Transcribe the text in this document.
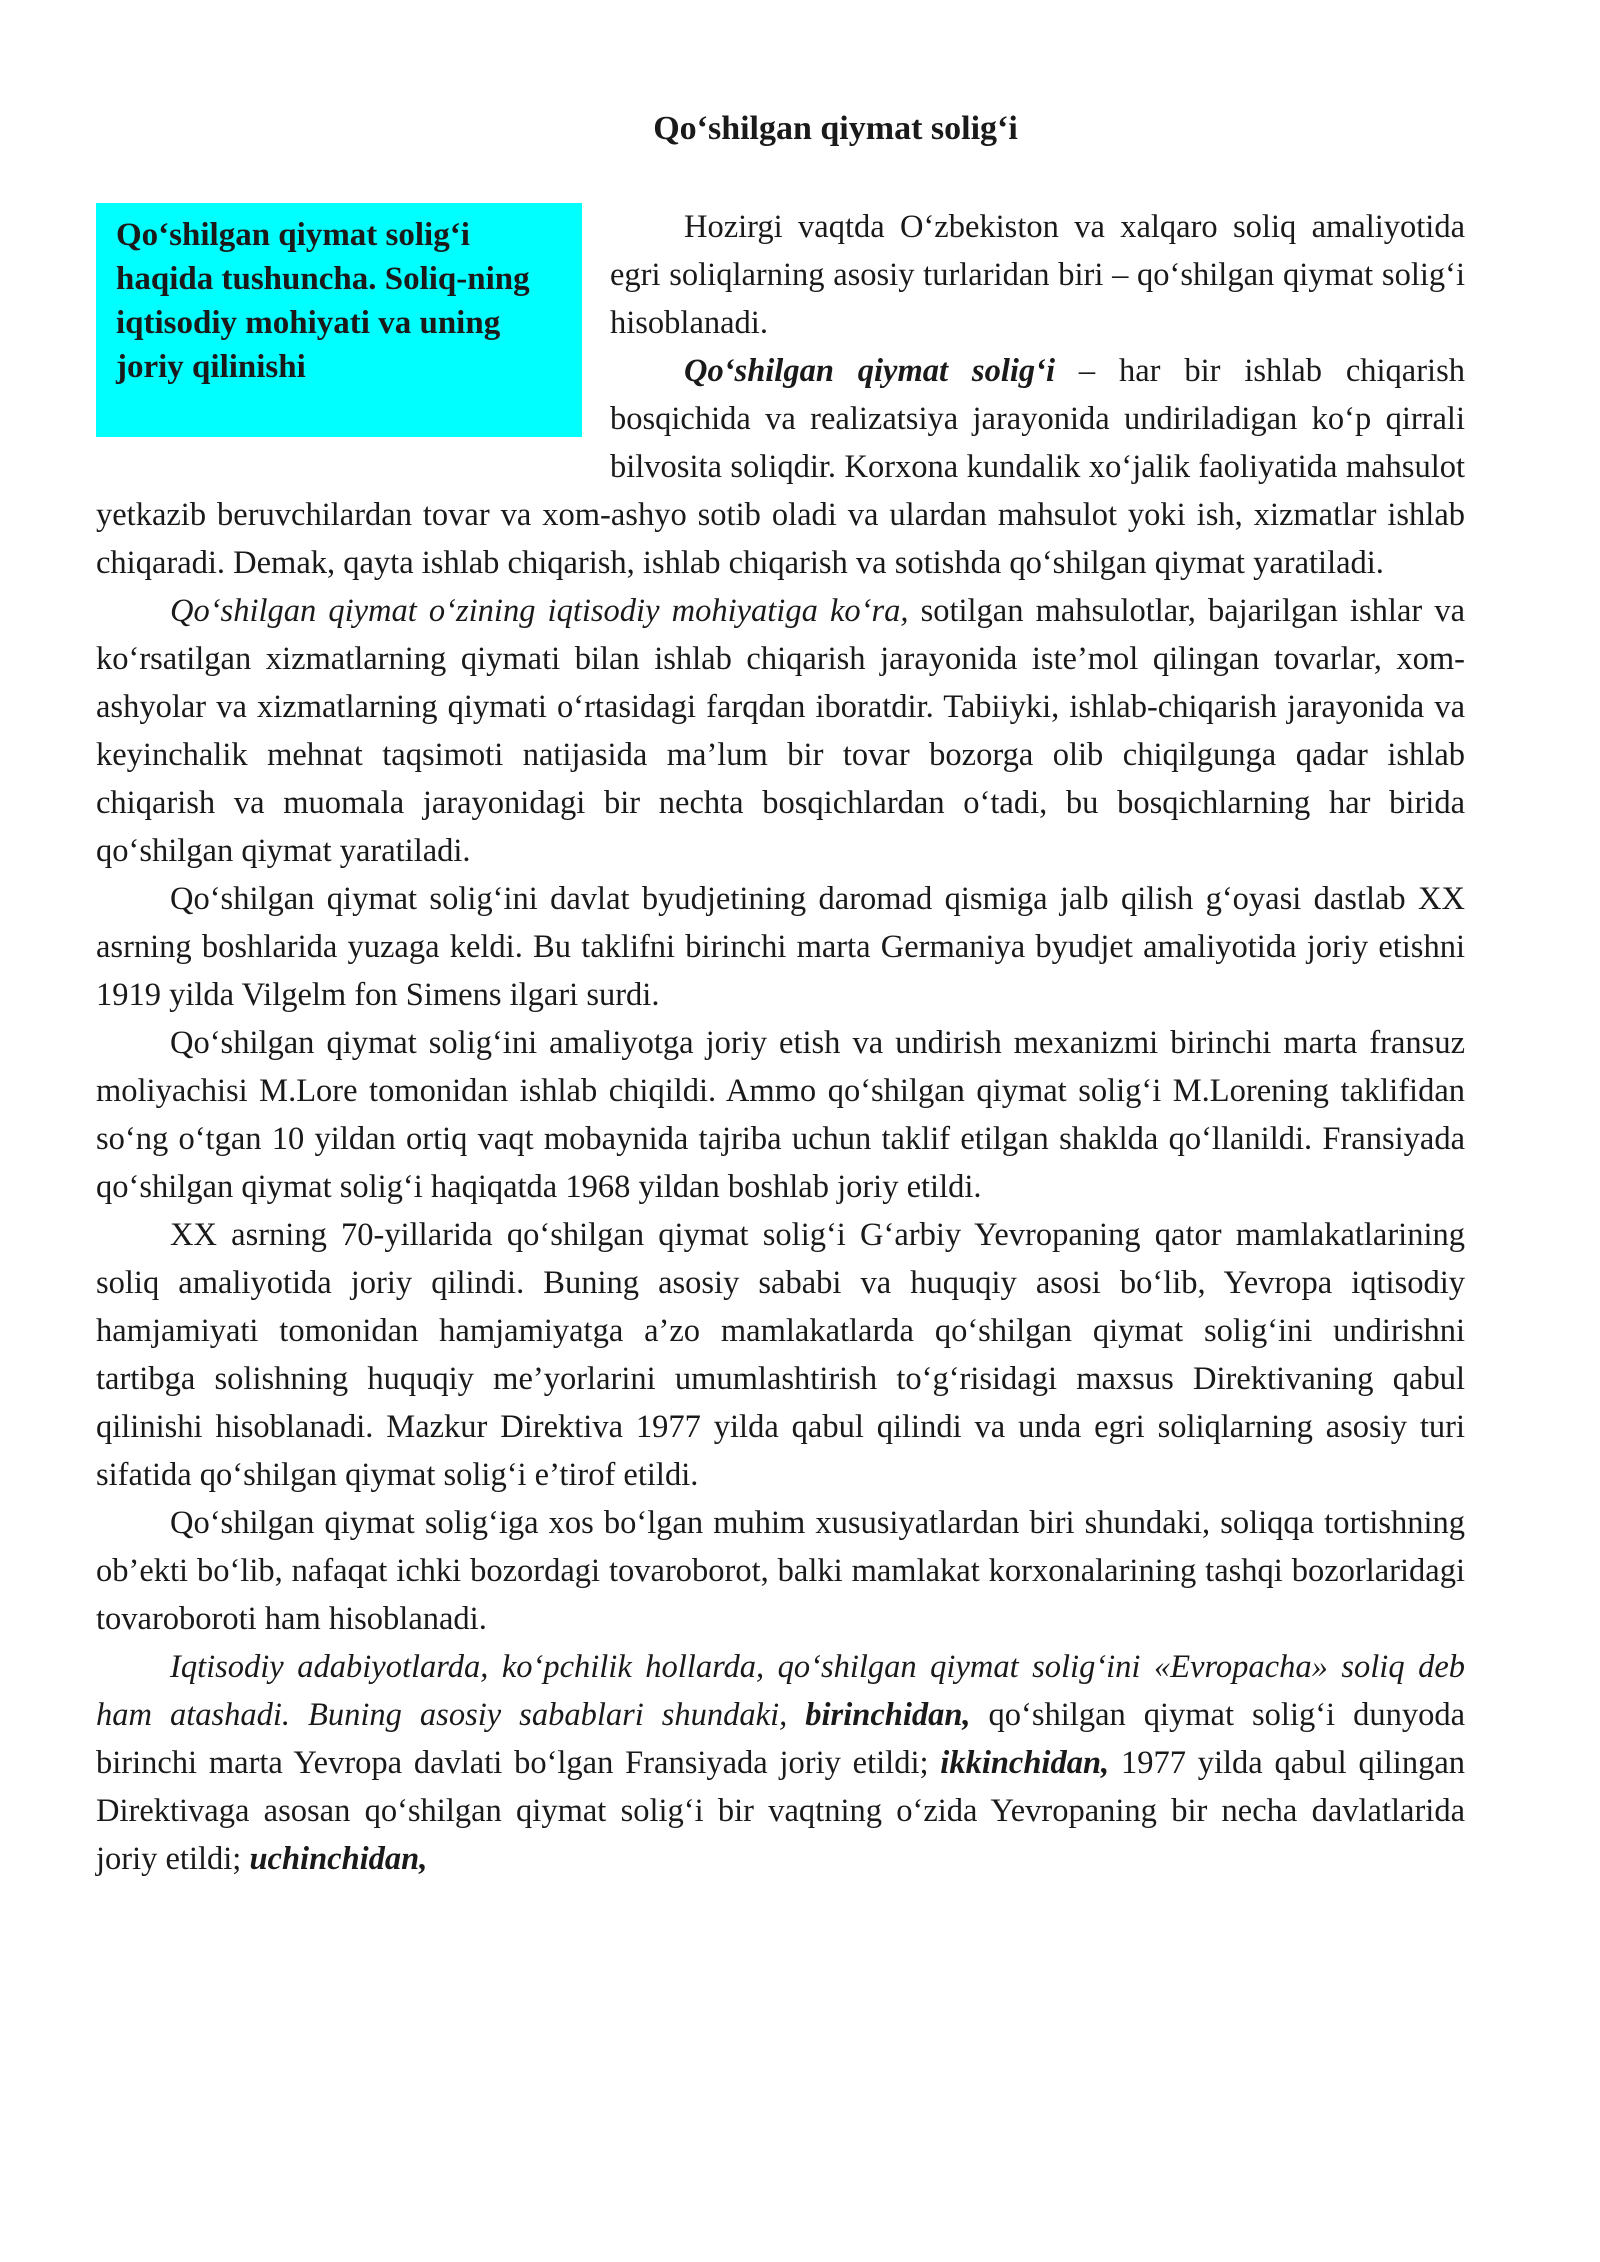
Qo‘shilgan qiymat solig‘i
Qo‘shilgan qiymat solig‘i haqida tushuncha. Soliq-ning iqtisodiy mohiyati va uning joriy qilinishi

Hozirgi vaqtda O‘zbekiston va xalqaro soliq amaliyotida egri soliqlarning asosiy turlaridan biri – qo‘shilgan qiymat solig‘i hisoblanadi.

Qo‘shilgan qiymat solig‘i – har bir ishlab chiqarish bosqichida va realizatsiya jarayonida undiriladigan ko‘p qirrali bilvosita soliqdir. Korxona kundalik xo‘jalik faoliyatida mahsulot yetkazib beruvchilardan tovar va xom-ashyo sotib oladi va ulardan mahsulot yoki ish, xizmatlar ishlab chiqaradi. Demak, qayta ishlab chiqarish, ishlab chiqarish va sotishda qo‘shilgan qiymat yaratiladi.

Qo‘shilgan qiymat o‘zining iqtisodiy mohiyatiga ko‘ra, sotilgan mahsulotlar, bajarilgan ishlar va ko‘rsatilgan xizmatlarning qiymati bilan ishlab chiqarish jarayonida iste’mol qilingan tovarlar, xom-ashyolar va xizmatlarning qiymati o‘rtasidagi farqdan iboratdir. Tabiiyki, ishlab-chiqarish jarayonida va keyinchalik mehnat taqsimoti natijasida ma’lum bir tovar bozorga olib chiqilgunga qadar ishlab chiqarish va muomala jarayonidagi bir nechta bosqichlardan o‘tadi, bu bosqichlarning har birida qo‘shilgan qiymat yaratiladi.

Qo‘shilgan qiymat solig‘ini davlat byudjetining daromad qismiga jalb qilish g‘oyasi dastlab XX asrning boshlarida yuzaga keldi. Bu taklifni birinchi marta Germaniya byudjet amaliyotida joriy etishni 1919 yilda Vilgelm fon Simens ilgari surdi.

Qo‘shilgan qiymat solig‘ini amaliyotga joriy etish va undirish mexanizmi birinchi marta fransuz moliyachisi M.Lore tomonidan ishlab chiqildi. Ammo qo‘shilgan qiymat solig‘i M.Lorening taklifidan so‘ng o‘tgan 10 yildan ortiq vaqt mobaynida tajriba uchun taklif etilgan shaklda qo‘llanildi. Fransiyada qo‘shilgan qiymat solig‘i haqiqatda 1968 yildan boshlab joriy etildi.

XX asrning 70-yillarida qo‘shilgan qiymat solig‘i G‘arbiy Yevropaning qator mamlakatlarining soliq amaliyotida joriy qilindi. Buning asosiy sababi va huquqiy asosi bo‘lib, Yevropa iqtisodiy hamjamiyati tomonidan hamjamiyatga a’zo mamlakatlarda qo‘shilgan qiymat solig‘ini undirishni tartibga solishning huquqiy me’yorlarini umumlashtirish to‘g‘risidagi maxsus Direktivaning qabul qilinishi hisoblanadi. Mazkur Direktiva 1977 yilda qabul qilindi va unda egri soliqlarning asosiy turi sifatida qo‘shilgan qiymat solig‘i e’tirof etildi.

Qo‘shilgan qiymat solig‘iga xos bo‘lgan muhim xususiyatlardan biri shundaki, soliqqa tortishning ob’ekti bo‘lib, nafaqat ichki bozordagi tovaroborot, balki mamlakat korxonalarining tashqi bozorlaridagi tovaroboroti ham hisoblanadi.

Iqtisodiy adabiyotlarda, ko‘pchilik hollarda, qo‘shilgan qiymat solig‘ini «Evropacha» soliq deb ham atashadi. Buning asosiy sabablari shundaki, birinchidan, qo‘shilgan qiymat solig‘i dunyoda birinchi marta Yevropa davlati bo‘lgan Fransiyada joriy etildi; ikkinchidan, 1977 yilda qabul qilingan Direktivaga asosan qo‘shilgan qiymat solig‘i bir vaqtning o‘zida Yevropaning bir necha davlatlarida joriy etildi; uchinchidan,
